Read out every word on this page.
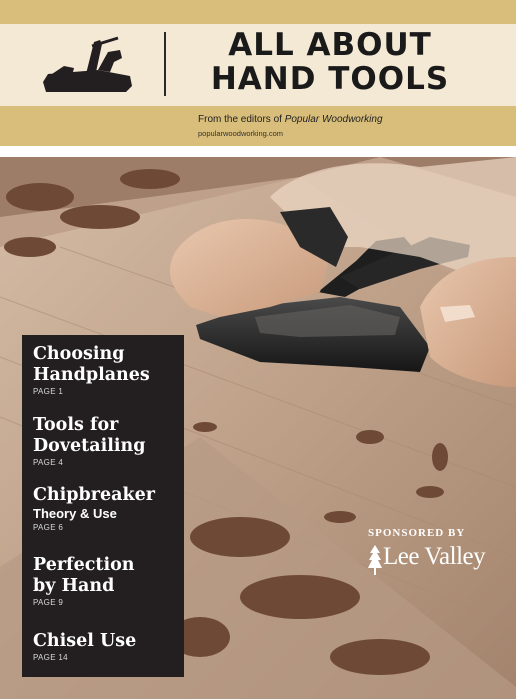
ALL ABOUT
HAND TOOLS
From the editors of Popular Woodworking
popularwoodworking.com
Choosing
Handplanes
PAGE 1
Tools for
Dovetailing
PAGE 4
Chipbreaker
Theory & Use
PAGE 6
Perfection
by Hand
PAGE 9
Chisel Use
PAGE 14
SPONSORED BY
Lee Valley
